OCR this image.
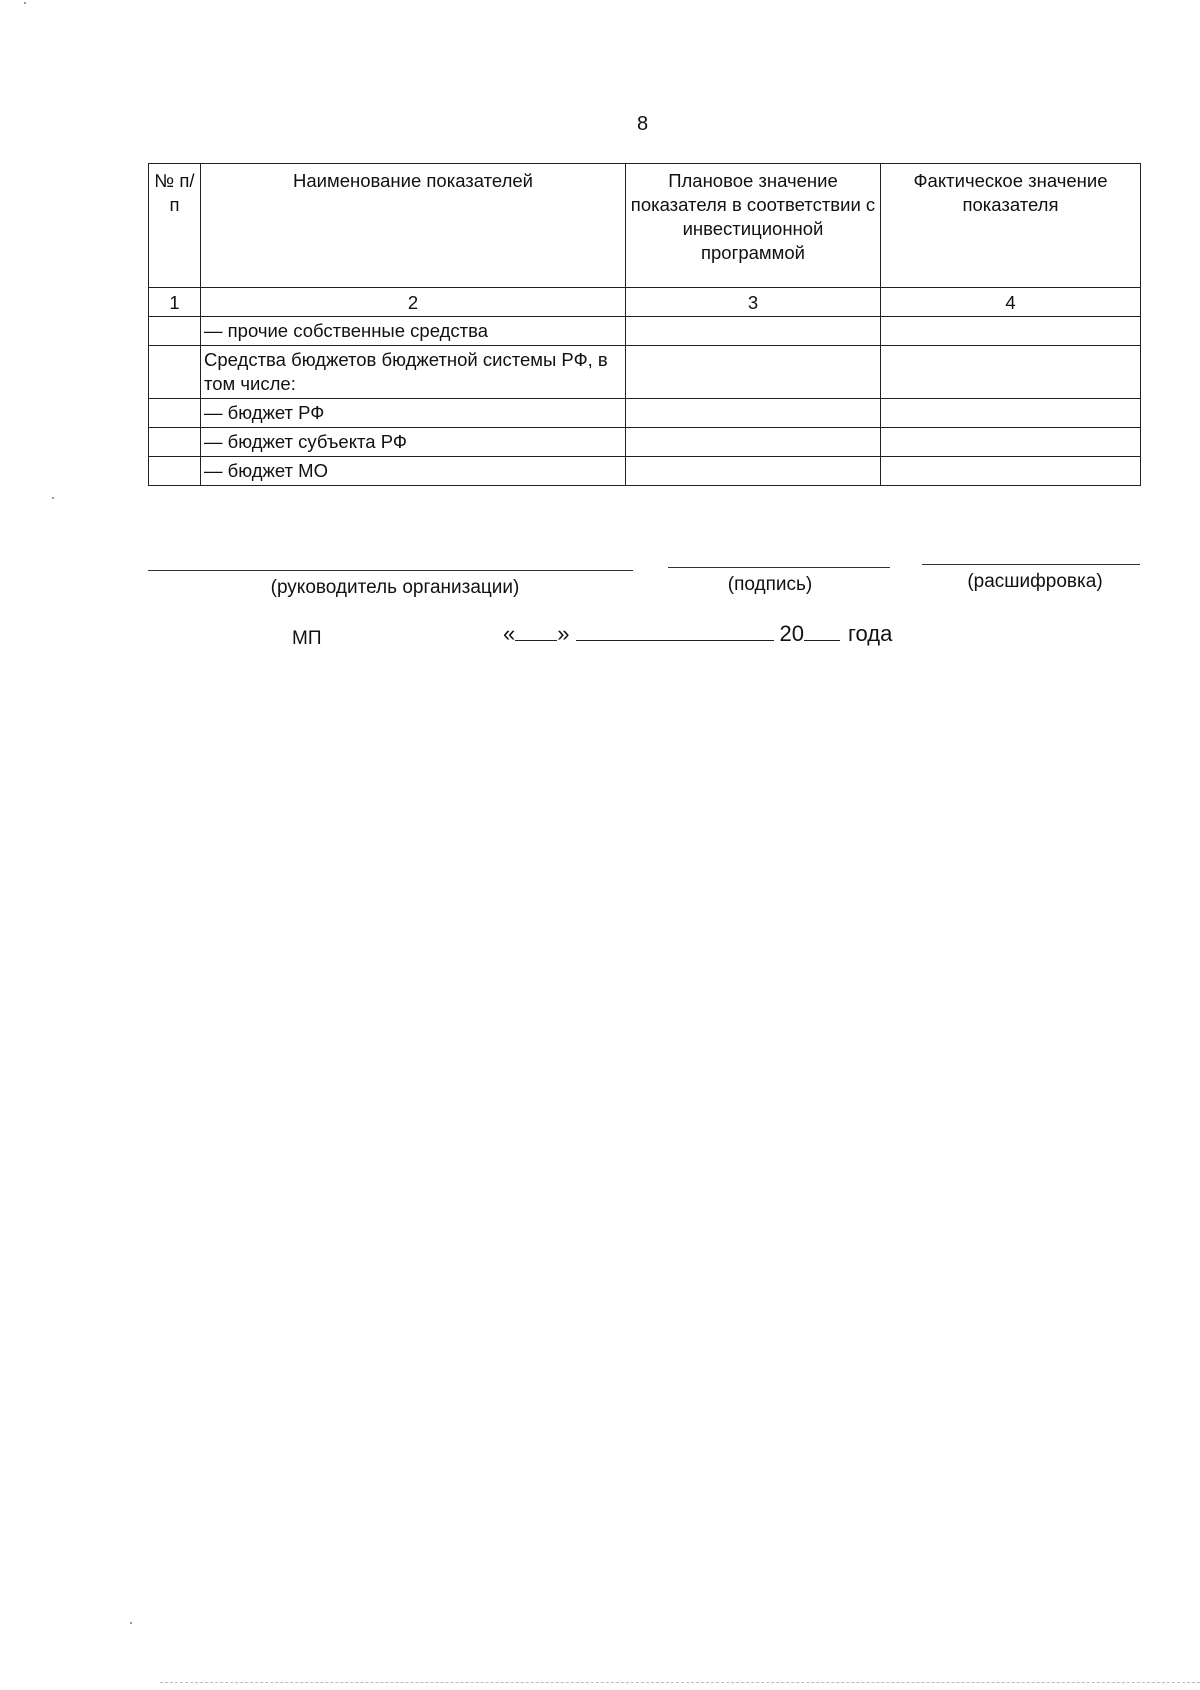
8
№ п/п	Наименование показателей	Плановое значение показателя в соответствии с инвестиционной программой	Фактическое значение показателя
1	2	3	4
	— прочие собственные средства		
	Средства бюджетов бюджетной системы РФ, в том числе:		
	— бюджет РФ		
	— бюджет субъекта РФ		
	— бюджет МО		
(руководитель организации)	(подпись)	(расшифровка)
МП	« »	20 года
